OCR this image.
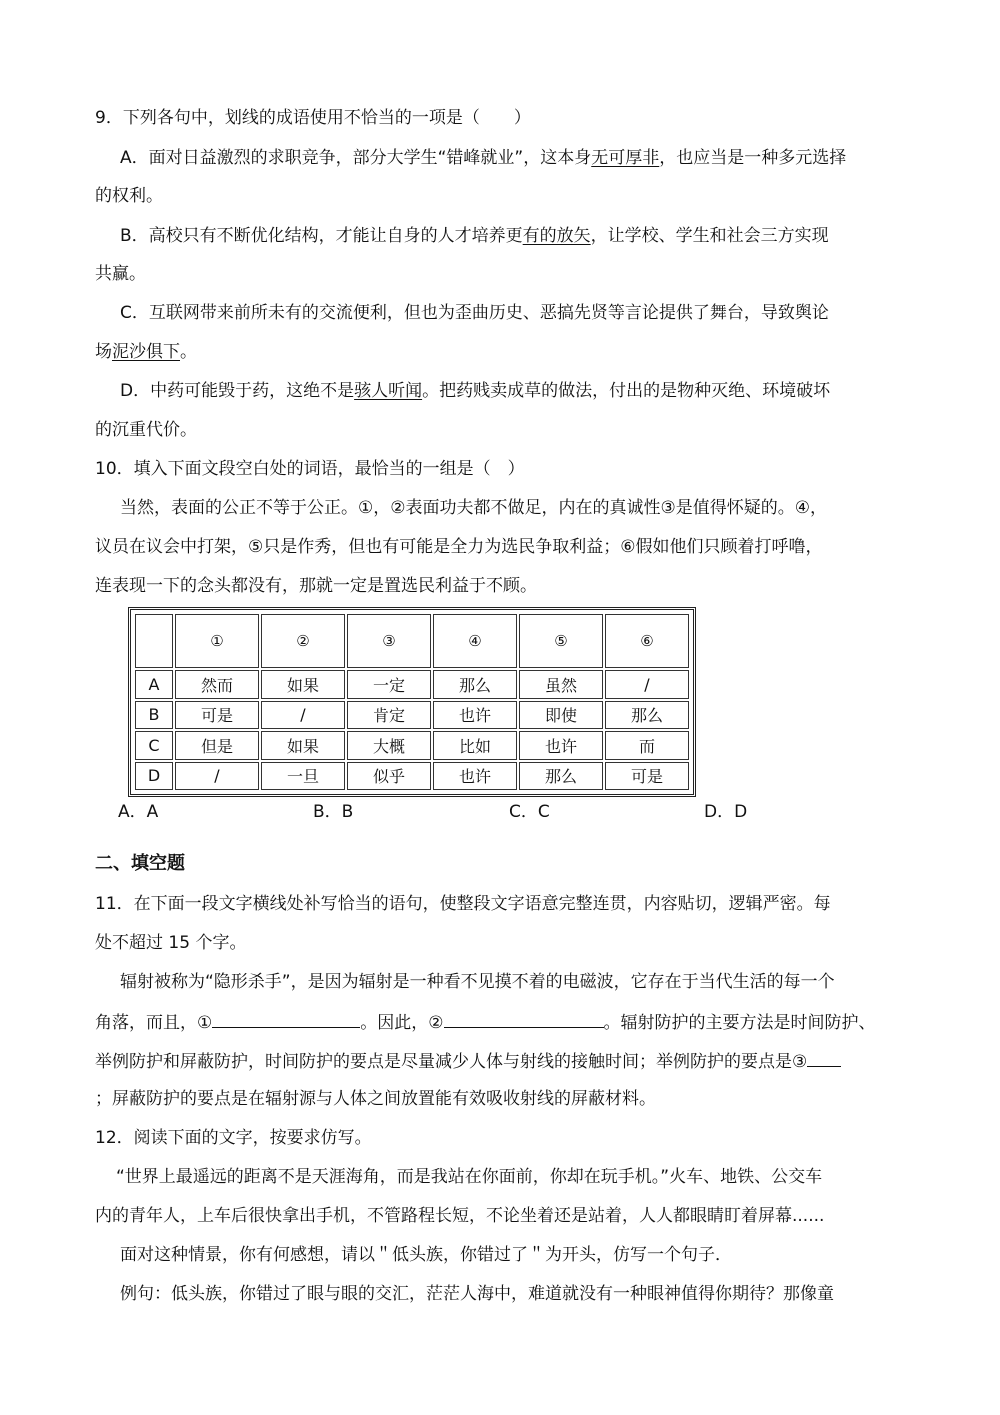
9．下列各句中，划线的成语使用不恰当的一项是（　　）
A．面对日益激烈的求职竞争，部分大学生“错峰就业”，这本身无可厚非，也应当是一种多元选择
的权利。
B．高校只有不断优化结构，才能让自身的人才培养更有的放矢，让学校、学生和社会三方实现
共赢。
C．互联网带来前所未有的交流便利，但也为歪曲历史、恶搞先贤等言论提供了舞台，导致舆论
场泥沙俱下。
D．中药可能毁于药，这绝不是骇人听闻。把药贱卖成草的做法，付出的是物种灭绝、环境破坏
的沉重代价。
10．填入下面文段空白处的词语，最恰当的一组是（　）
当然，表面的公正不等于公正。①，②表面功夫都不做足，内在的真诚性③是值得怀疑的。④，
议员在议会中打架，⑤只是作秀，但也有可能是全力为选民争取利益；⑥假如他们只顾着打呼噜，
连表现一下的念头都没有，那就一定是置选民利益于不顾。
	①	②	③	④	⑤	⑥
A	然而	如果	一定	那么	虽然	/
B	可是	/	肯定	也许	即使	那么
C	但是	如果	大概	比如	也许	而
D	/	一旦	似乎	也许	那么	可是
A．A	B．B	C．C	D．D
二、填空题
11．在下面一段文字横线处补写恰当的语句，使整段文字语意完整连贯，内容贴切，逻辑严密。每
处不超过 15 个字。
辐射被称为“隐形杀手”，是因为辐射是一种看不见摸不着的电磁波，它存在于当代生活的每一个
角落，而且，①	。因此，②	。辐射防护的主要方法是时间防护、
举例防护和屏蔽防护，时间防护的要点是尽量减少人体与射线的接触时间；举例防护的要点是③
；屏蔽防护的要点是在辐射源与人体之间放置能有效吸收射线的屏蔽材料。
12．阅读下面的文字，按要求仿写。
“世界上最遥远的距离不是天涯海角，而是我站在你面前，你却在玩手机。”火车、地铁、公交车
内的青年人，上车后很快拿出手机，不管路程长短，不论坐着还是站着，人人都眼睛盯着屏幕......
面对这种情景，你有何感想，请以＂低头族，你错过了＂为开头，仿写一个句子．
例句：低头族，你错过了眼与眼的交汇，茫茫人海中，难道就没有一种眼神值得你期待？那像童
